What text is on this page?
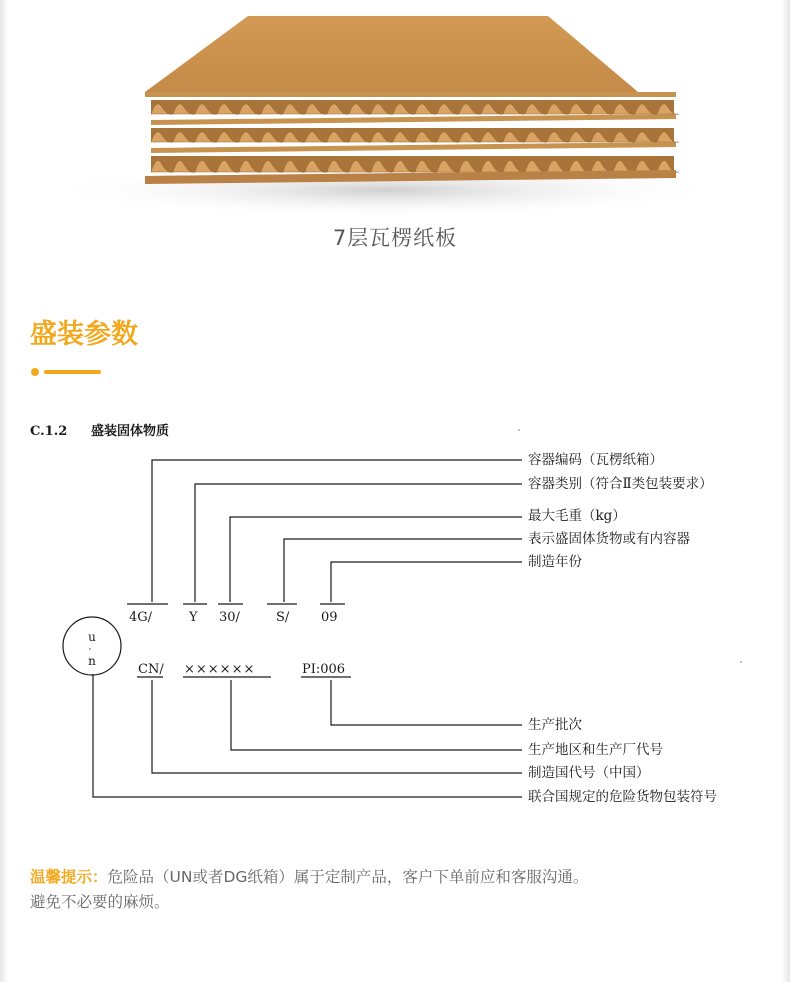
7层瓦楞纸板
盛装参数
C.1.2 盛装固体物质
u
,
n
4G/	Y 30/	S/ 09
CN/ ××××××	PI:006
容器编码（瓦楞纸箱）
容器类别（符合Ⅱ类包装要求）
最大毛重（kg）
表示盛固体货物或有内容器
制造年份
生产批次
生产地区和生产厂代号
制造国代号（中国）
联合国规定的危险货物包装符号
温馨提示：危险品（UN或者DG纸箱）属于定制产品，客户下单前应和客服沟通。
避免不必要的麻烦。
